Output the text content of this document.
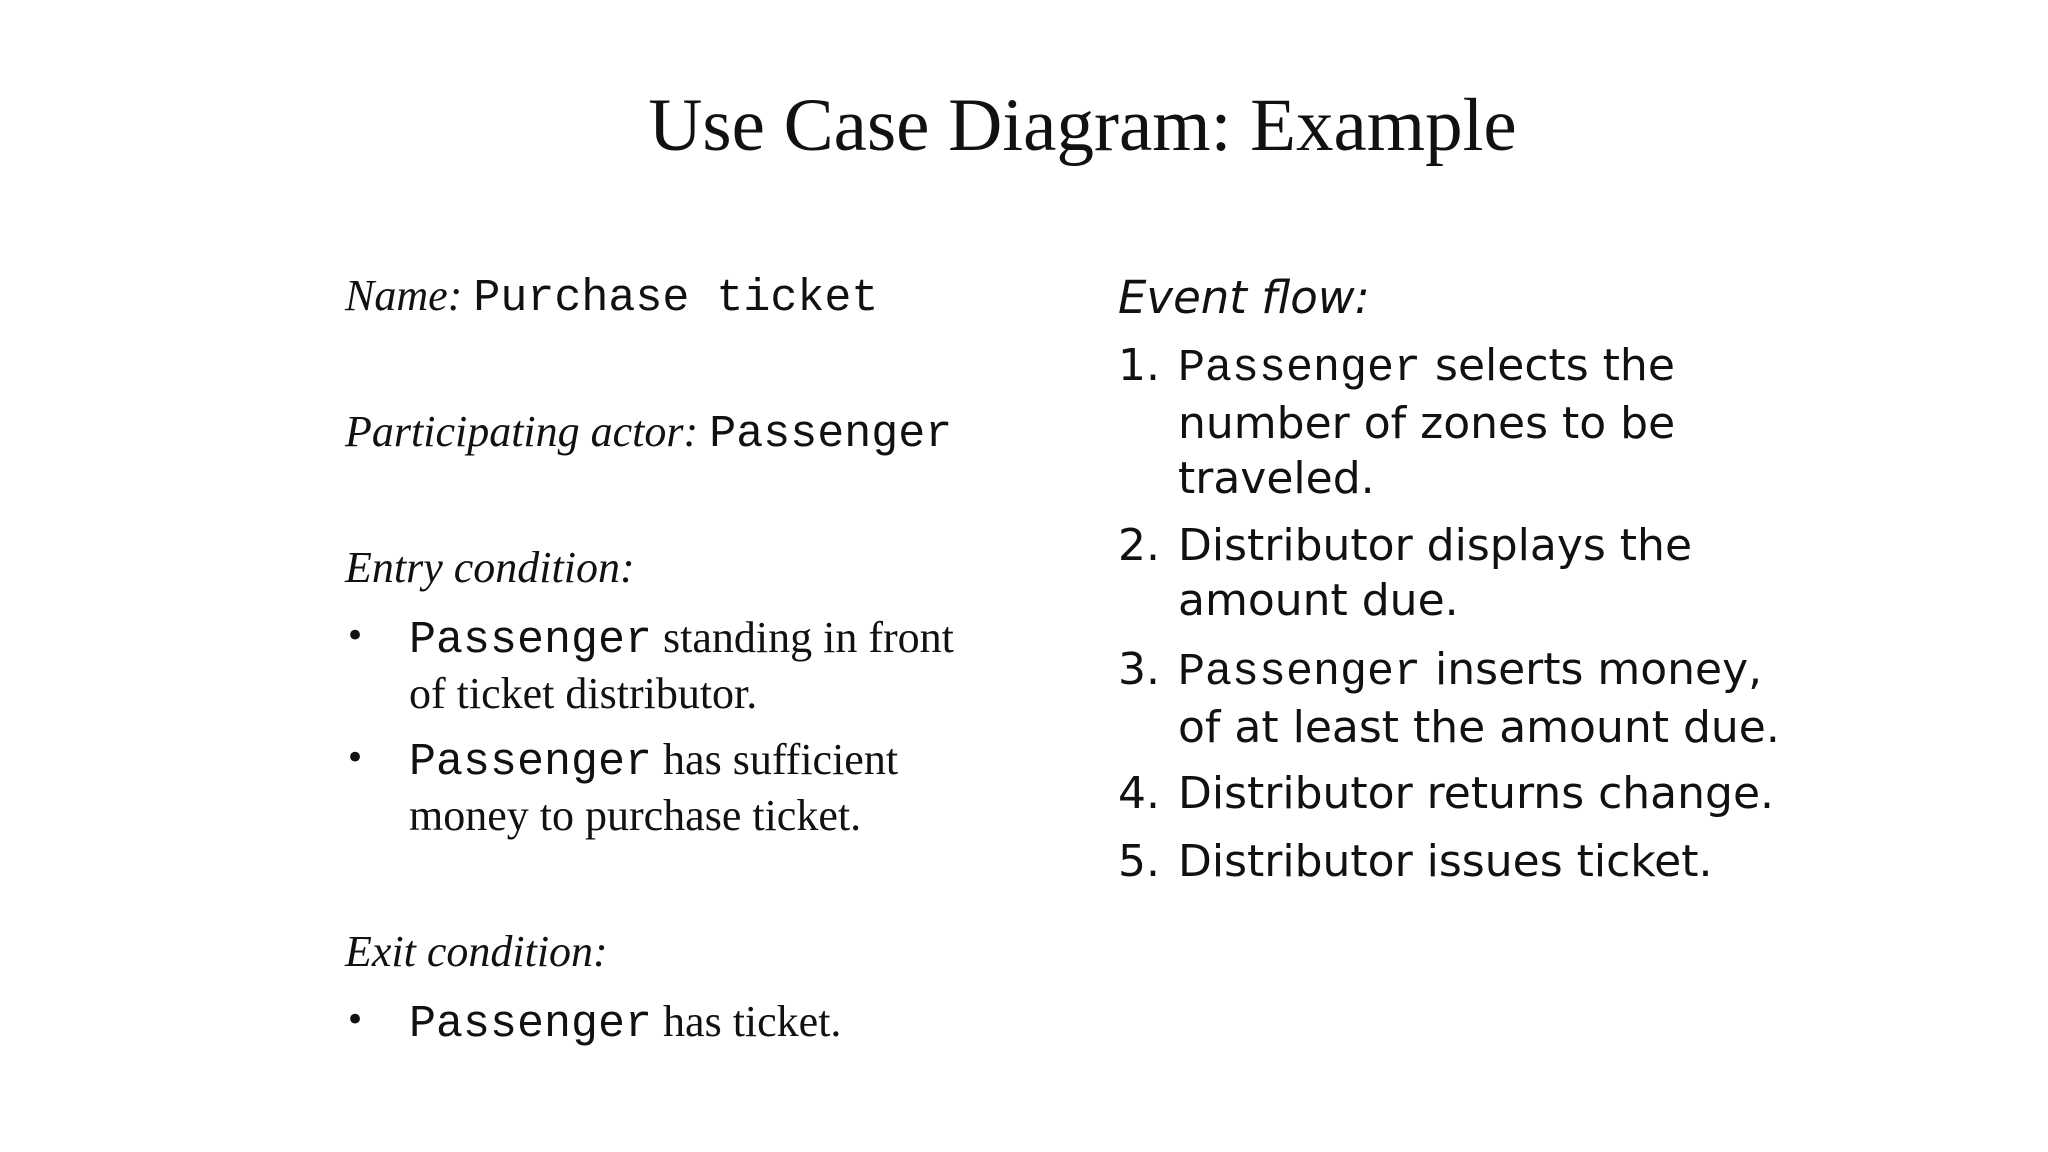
Use Case Diagram: Example
Name: Purchase ticket
Participating actor: Passenger
Entry condition:
• Passenger standing in front
of ticket distributor.
• Passenger has sufficient
money to purchase ticket.
Exit condition:
• Passenger has ticket.
Event flow:
1. Passenger selects the
number of zones to be
traveled.
2. Distributor displays the
amount due.
3. Passenger inserts money,
of at least the amount due.
4. Distributor returns change.
5. Distributor issues ticket.
